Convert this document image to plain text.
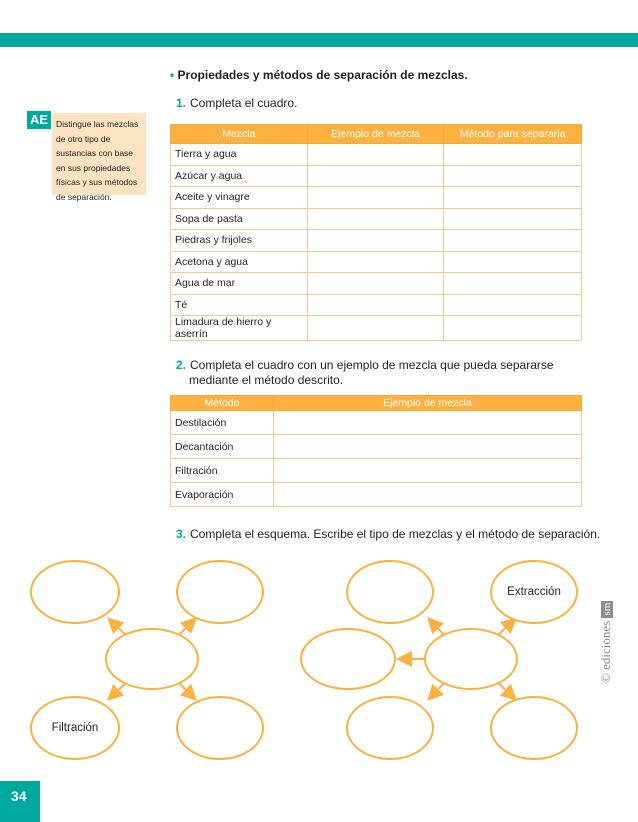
• Propiedades y métodos de separación de mezclas.
AE Distingue las mezclas de otro tipo de sustancias con base en sus propiedades físicas y sus métodos de separación.
1. Completa el cuadro.
Mezcla	Ejemplo de mezcla	Método para separarla
Tierra y agua		
Azúcar y agua		
Aceite y vinagre		
Sopa de pasta		
Piedras y frijoles		
Acetona y agua		
Agua de mar		
Té		
Limadura de hierro y aserrín		
2. Completa el cuadro con un ejemplo de mezcla que pueda separarse
mediante el método descrito.
Método	Ejemplo de mezcla
Destilación	
Decantación	
Filtración	
Evaporación	
3. Completa el esquema. Escribe el tipo de mezclas y el método de separación.
Filtración
Extracción
© ediciones sm
34
